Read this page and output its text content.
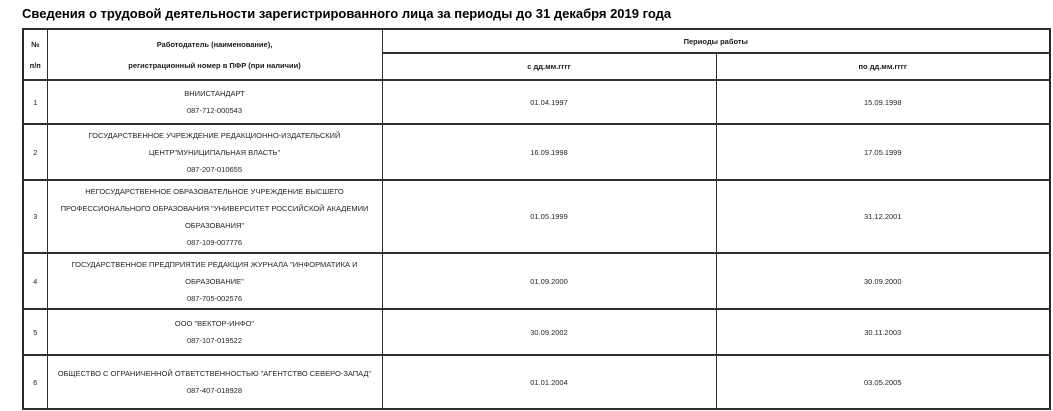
Сведения о трудовой деятельности зарегистрированного лица за периоды до 31 декабря 2019 года
№
п/п

Работодатель (наименование),
регистрационный номер в ПФР (при наличии)
	Периоды работы
		с дд.мм.гггг	по дд.мм.гггг
1	ВНИИСТАНДАРТ
087-712-000543	01.04.1997	15.09.1998
2	ГОСУДАРСТВЕННОЕ УЧРЕЖДЕНИЕ РЕДАКЦИОННО-ИЗДАТЕЛЬСКИЙ ЦЕНТР"МУНИЦИПАЛЬНАЯ ВЛАСТЬ"
087-207-010655	16.09.1998	17.05.1999
3	НЕГОСУДАРСТВЕННОЕ ОБРАЗОВАТЕЛЬНОЕ УЧРЕЖДЕНИЕ ВЫСШЕГО ПРОФЕССИОНАЛЬНОГО ОБРАЗОВАНИЯ "УНИВЕРСИТЕТ РОССИЙСКОЙ АКАДЕМИИ ОБРАЗОВАНИЯ"
087-109-007776	01.05.1999	31.12.2001
4	ГОСУДАРСТВЕННОЕ ПРЕДПРИЯТИЕ РЕДАКЦИЯ ЖУРНАЛА "ИНФОРМАТИКА И ОБРАЗОВАНИЕ"
087-705-002576	01.09.2000	30.09.2000
5	ООО "ВЕКТОР-ИНФО"
087-107-019522	30.09.2002	30.11.2003
6	ОБЩЕСТВО С ОГРАНИЧЕННОЙ ОТВЕТСТВЕННОСТЬЮ "АГЕНТСТВО СЕВЕРО-ЗАПАД"
087-407-018928	01.01.2004	03.05.2005
